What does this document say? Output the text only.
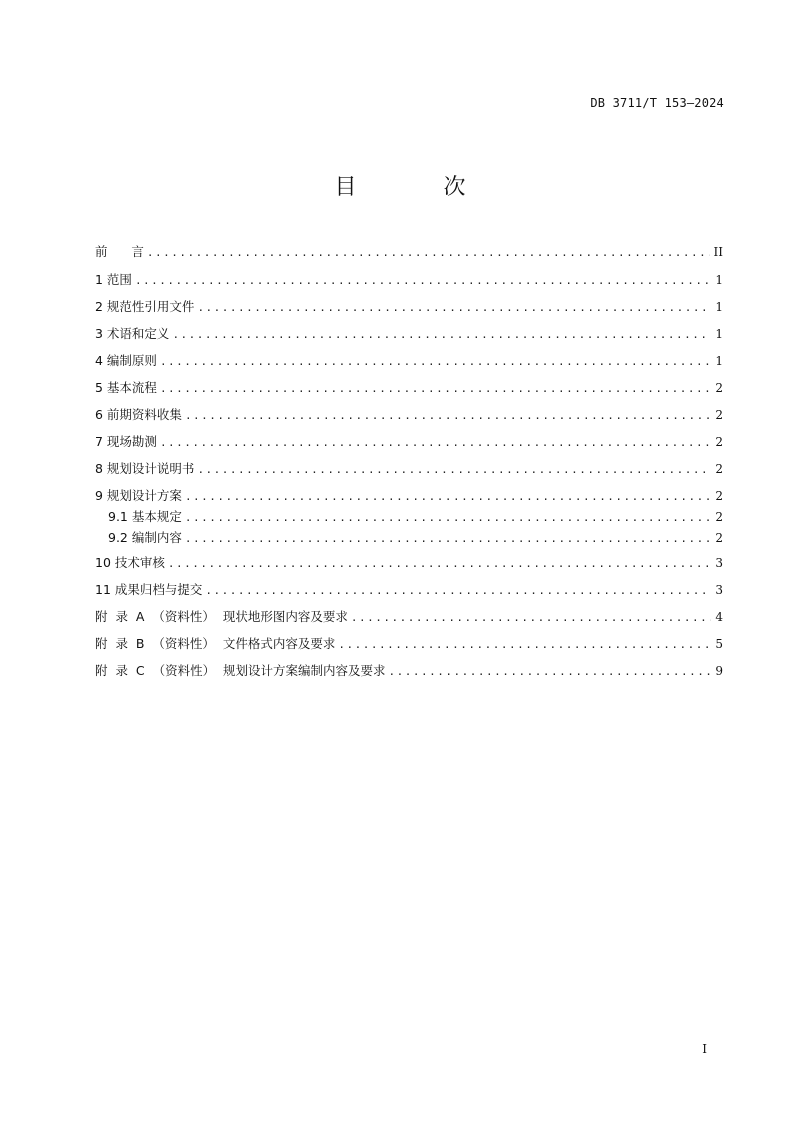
DB 3711/T 153—2024
目 次
前      言 .....	II
1 范围 .....	1
2 规范性引用文件 .....	1
3 术语和定义 .....	1
4 编制原则 .....	1
5 基本流程 .....	2
6 前期资料收集 .....	2
7 现场勘测 .....	2
8 规划设计说明书 .....	2
9 规划设计方案 .....	2
9.1 基本规定 .....	2
9.2 编制内容 .....	2
10 技术审核 .....	3
11 成果归档与提交 .....	3
附  录  A  （资料性）  现状地形图内容及要求 .....	4
附  录  B  （资料性）  文件格式内容及要求 .....	5
附  录  C  （资料性）  规划设计方案编制内容及要求 .....	9
I
